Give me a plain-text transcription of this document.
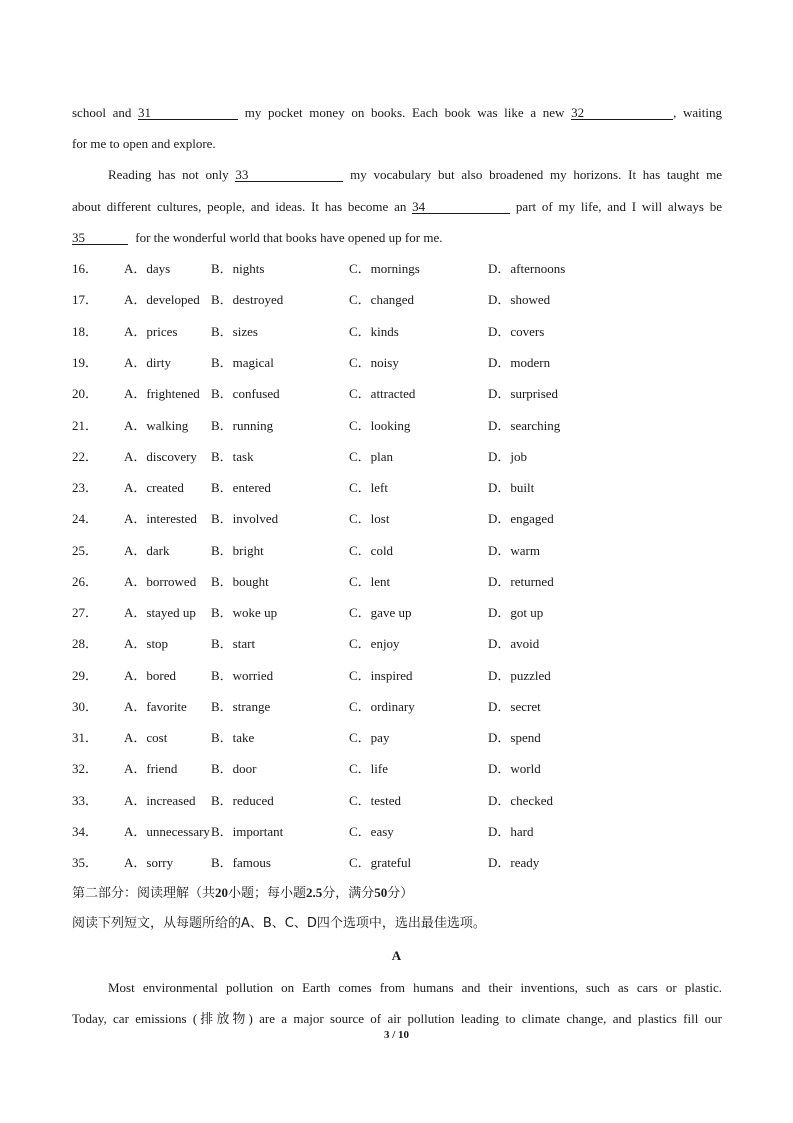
school and 31	my pocket money on books. Each book was like a new 32	, waiting
for me to open and explore.
Reading has not only 33	my vocabulary but also broadened my horizons. It has taught me
about different cultures, people, and ideas. It has become an 34	part of my life, and I will always be
35	for the wonderful world that books have opened up for me.
16． A．days	B．nights	C．mornings	D．afternoons
17． A．developed B．destroyed	C．changed	D．showed
18． A．prices	B．sizes	C．kinds	D．covers
19． A．dirty	B．magical	C．noisy	D．modern
20． A．frightened B．confused	C．attracted	D．surprised
21． A．walking B．running	C．looking	D．searching
22． A．discovery B．task	C．plan	D．job
23． A．created B．entered	C．left	D．built
24． A．interested B．involved	C．lost	D．engaged
25． A．dark	B．bright	C．cold	D．warm
26． A．borrowed B．bought	C．lent	D．returned
27． A．stayed up B．woke up	C．gave up	D．got up
28． A．stop	B．start	C．enjoy	D．avoid
29． A．bored	B．worried	C．inspired	D．puzzled
30． A．favorite B．strange	C．ordinary	D．secret
31． A．cost	B．take	C．pay	D．spend
32． A．friend	B．door	C．life	D．world
33． A．increased B．reduced	C．tested	D．checked
34． A．unnecessary B．important	C．easy	D．hard
35． A．sorry	B．famous	C．grateful	D．ready
第二部分：阅读理解（共20小题；每小题2.5分，满分50分）
阅读下列短文，从每题所给的A、B、C、D四个选项中，选出最佳选项。
A
Most environmental pollution on Earth comes from humans and their inventions, such as cars or plastic.
Today, car emissions (排放物) are a major source of air pollution leading to climate change, and plastics fill our
3 / 10
